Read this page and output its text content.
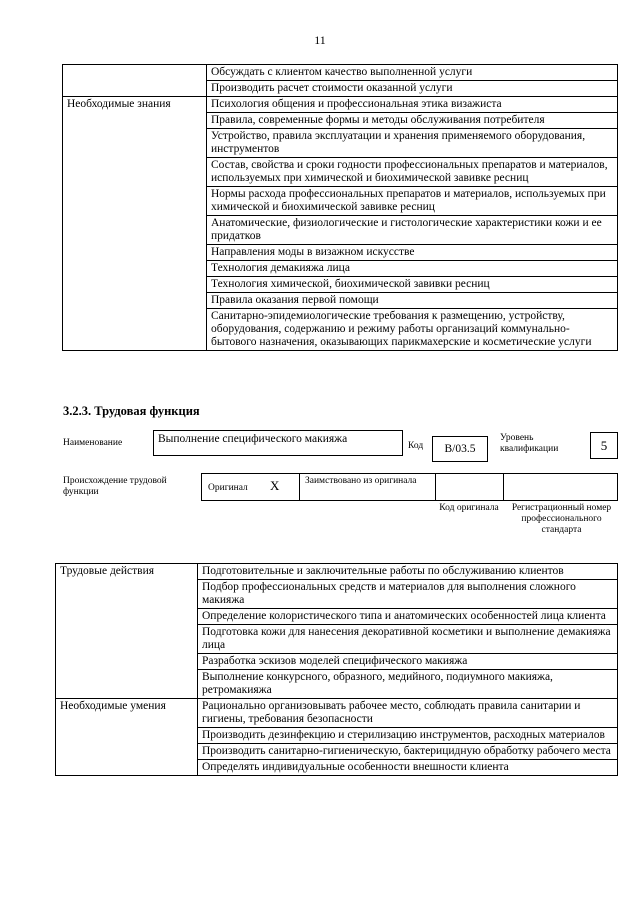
11
	Обсуждать с клиентом качество выполненной услуги
	Производить расчет стоимости оказанной услуги
Необходимые знания	Психология общения и профессиональная этика визажиста
	Правила, современные формы и методы обслуживания потребителя
	Устройство, правила эксплуатации и хранения применяемого оборудования, инструментов
	Состав, свойства и сроки годности профессиональных препаратов и материалов, используемых при химической и биохимической завивке ресниц
	Нормы расхода профессиональных препаратов и материалов, используемых при химической и биохимической завивке ресниц
	Анатомические, физиологические и гистологические характеристики кожи и ее придатков
	Направления моды в визажном искусстве
	Технология демакияжа лица
	Технология химической, биохимической завивки ресниц
	Правила оказания первой помощи
	Санитарно-эпидемиологические требования к размещению, устройству, оборудования, содержанию и режиму работы организаций коммунально-бытового назначения, оказывающих парикмахерские и косметические услуги
3.2.3. Трудовая функция
Наименование	Выполнение специфического макияжа
Код	В/03.5
Уровень квалификации	5
Происхождение трудовой функции	Оригинал X	Заимствовано из оригинала
Код оригинала	Регистрационный номер профессионального стандарта
Трудовые действия	Подготовительные и заключительные работы по обслуживанию клиентов
	Подбор профессиональных средств и материалов для выполнения сложного макияжа
	Определение колористического типа и анатомических особенностей лица клиента
	Подготовка кожи для нанесения декоративной косметики и выполнение демакияжа лица
	Разработка эскизов моделей специфического макияжа
	Выполнение конкурсного, образного, медийного, подиумного макияжа, ретромакияжа
Необходимые умения	Рационально организовывать рабочее место, соблюдать правила санитарии и гигиены, требования безопасности
	Производить дезинфекцию и стерилизацию инструментов, расходных материалов
	Производить санитарно-гигиеническую, бактерицидную обработку рабочего места
	Определять индивидуальные особенности внешности клиента
